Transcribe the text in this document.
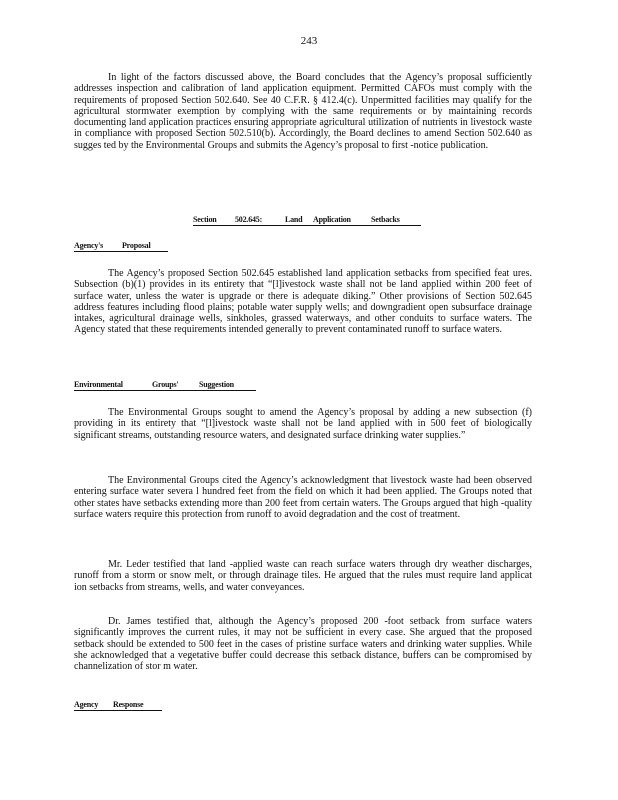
243
In light of the factors discussed above, the Board concludes that the Agency’s proposal sufficiently addresses inspection and calibration of land application equipment. Permitted CAFOs must comply with the requirements of proposed Section 502.640. See 40 C.F.R. § 412.4(c). Unpermitted facilities may qualify for the agricultural stormwater exemption by complying with the same requirements or by maintaining records documenting land application practices ensuring appropriate agricultural utilization of nutrients in livestock waste in compliance with proposed Section 502.510(b). Accordingly, the Board declines to amend Section 502.640 as sugges ted by the Environmental Groups and submits the Agency’s proposal to first -notice publication.
Section 502.645:	Land Application	Setbacks
Agency's Proposal
The Agency’s proposed Section 502.645 established land application setbacks from specified feat ures. Subsection (b)(1) provides in its entirety that “[l]ivestock waste shall not be land applied within 200 feet of surface water, unless the water is upgrade or there is adequate diking.” Other provisions of Section 502.645 address features including flood plains; potable water supply wells; and downgradient open subsurface drainage intakes, agricultural drainage wells, sinkholes, grassed waterways, and other conduits to surface waters. The Agency stated that these requirements intended generally to prevent contaminated runoff to surface waters.
Environmental	Groups'	Suggestion
The Environmental Groups sought to amend the Agency’s proposal by adding a new subsection (f) providing in its entirety that “[l]ivestock waste shall not be land applied with in 500 feet of biologically significant streams, outstanding resource waters, and designated surface drinking water supplies.”
The Environmental Groups cited the Agency’s acknowledgment that livestock waste had been observed entering surface water severa l hundred feet from the field on which it had been applied. The Groups noted that other states have setbacks extending more than 200 feet from certain waters. The Groups argued that high -quality surface waters require this protection from runoff to avoid degradation and the cost of treatment.
Mr. Leder testified that land -applied waste can reach surface waters through dry weather discharges, runoff from a storm or snow melt, or through drainage tiles. He argued that the rules must require land applicat ion setbacks from streams, wells, and water conveyances.
Dr. James testified that, although the Agency’s proposed 200 -foot setback from surface waters significantly improves the current rules, it may not be sufficient in every case. She argued that the proposed setback should be extended to 500 feet in the cases of pristine surface waters and drinking water supplies. While she acknowledged that a vegetative buffer could decrease this setback distance, buffers can be compromised by channelization of stor m water.
Agency Response
